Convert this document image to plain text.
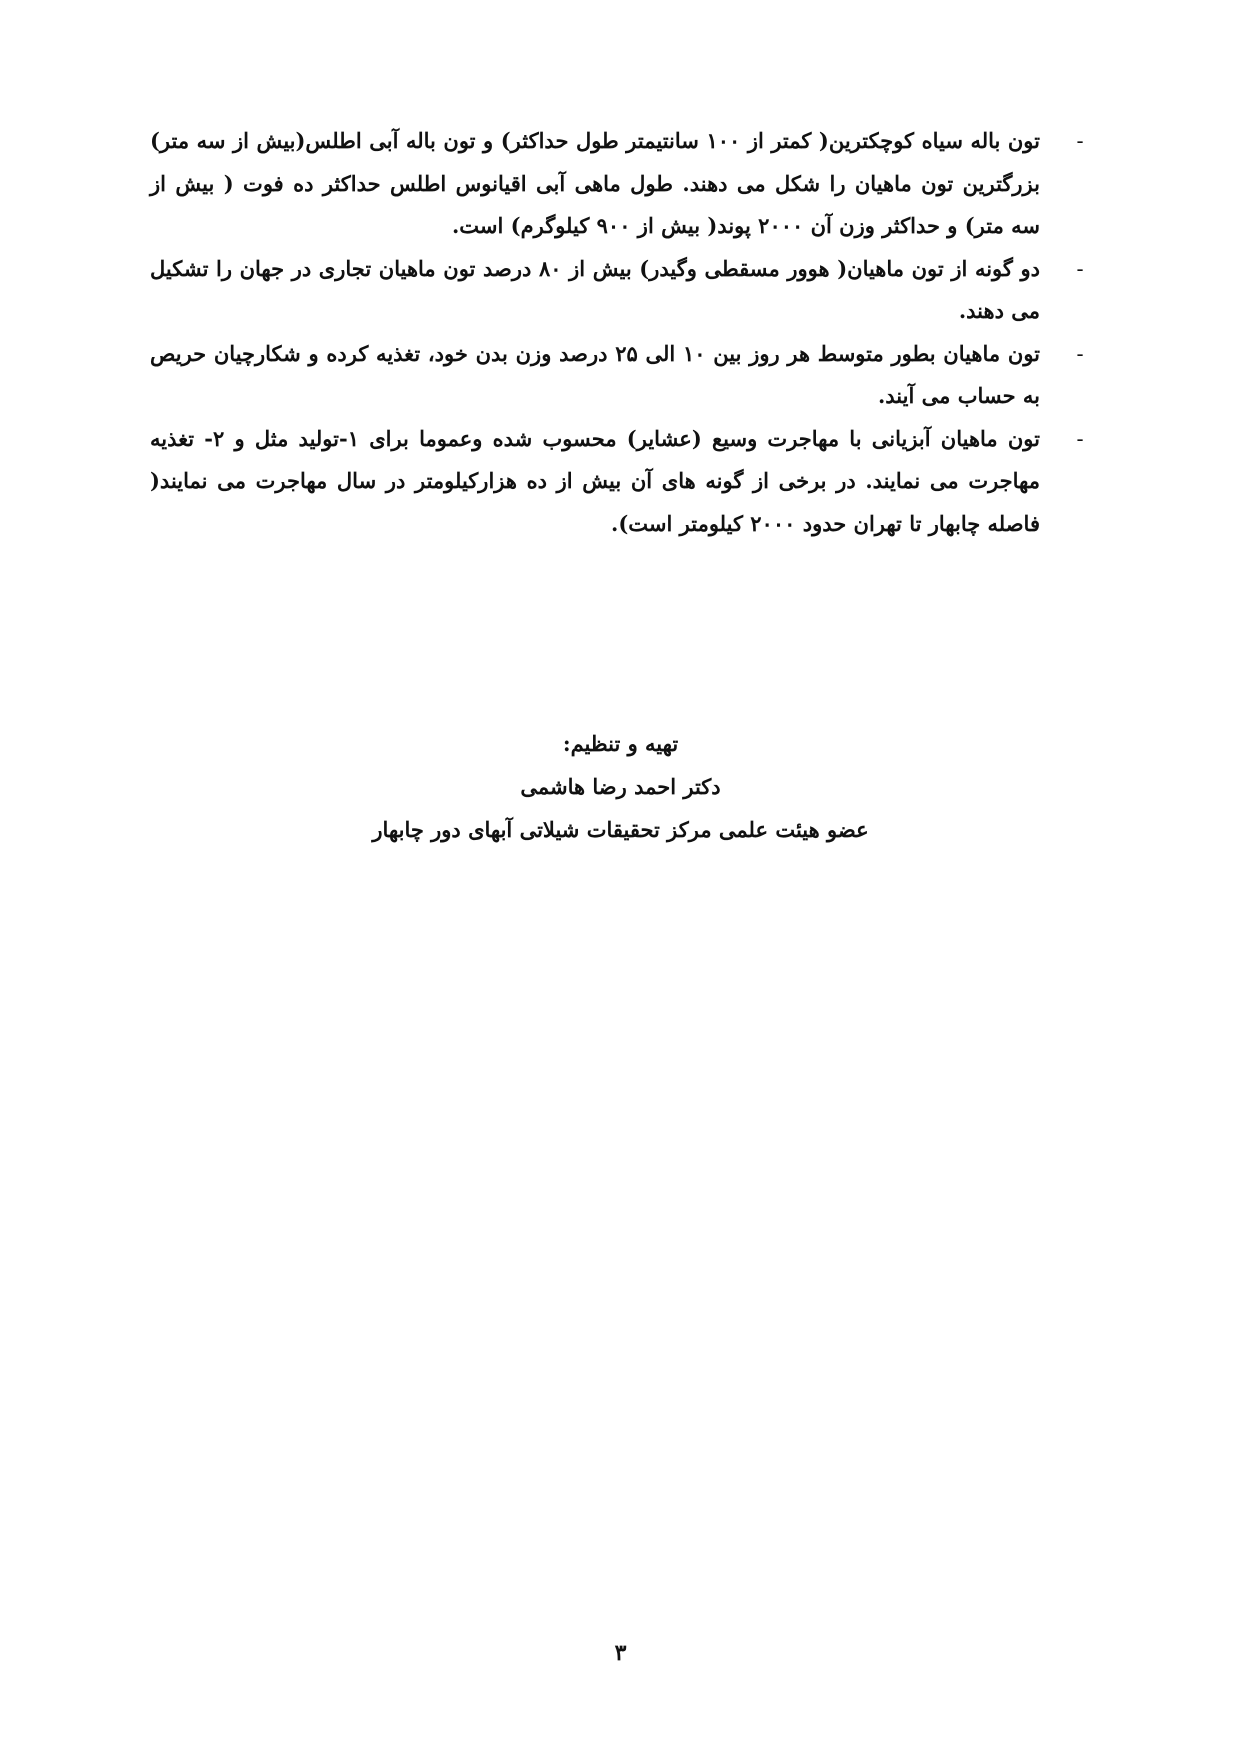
-
تون باله سیاه کوچکترین( کمتر از ۱۰۰ سانتیمتر طول حداکثر) و تون باله آبی اطلس(بیش از سه متر) بزرگترین تون ماهیان را شکل می دهند. طول ماهی آبی اقیانوس اطلس حداکثر ده فوت ( بیش از سه متر) و حداکثر وزن آن ۲۰۰۰ پوند( بیش از ۹۰۰ کیلوگرم) است.
-
دو گونه از تون ماهیان( هوور مسقطی وگیدر) بیش از ۸۰ درصد تون ماهیان تجاری در جهان را تشکیل می دهند.
-
تون ماهیان بطور متوسط هر روز بین ۱۰ الی ۲۵ درصد وزن بدن خود، تغذیه کرده و شکارچیان حریص به حساب می آیند.
-
تون ماهیان آبزیانی با مهاجرت وسیع (عشایر) محسوب شده وعموما برای ۱-تولید مثل و ۲- تغذیه مهاجرت می نمایند. در برخی از گونه های آن بیش از ده هزارکیلومتر در سال مهاجرت می نمایند( فاصله چابهار تا تهران حدود ۲۰۰۰ کیلومتر است).
تهیه و تنظیم:
دکتر احمد رضا هاشمی
عضو هیئت علمی مرکز تحقیقات شیلاتی آبهای دور چابهار
۳
